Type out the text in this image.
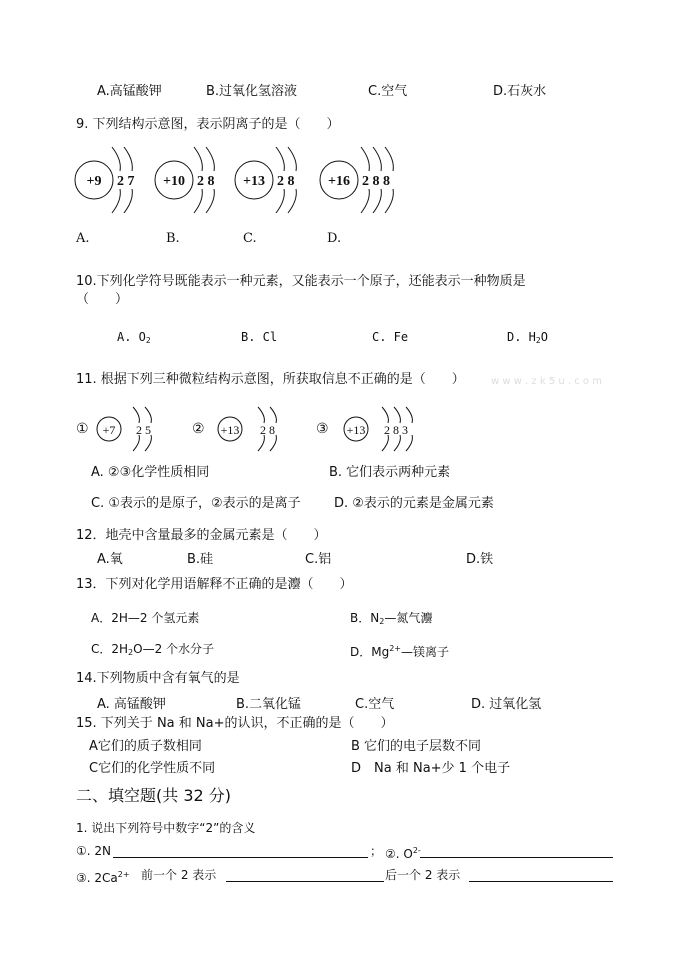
A.高锰酸钾	B.过氧化氢溶液	C.空气	D.石灰水
9. 下列结构示意图，表示阴离子的是（　　）
+9 2 7 +10 2 8 +13 2 8 +16 2 8 8
A.	B.	C.	D.
10.下列化学符号既能表示一种元素，又能表示一个原子，还能表示一种物质是
（　　）
A. $O_2$	B. Cl	C. Fe	D. $H_2O$
11. 根据下列三种微粒结构示意图，所获取信息不正确的是（　　）	w w w . z k 5 u . c o m
① +7 2 5	② +13 2 8	③ +13 2 8 3
A. ②③化学性质相同	B. 它们表示两种元素
C. ①表示的是原子，②表示的是离子	D. ②表示的元素是金属元素
12．地壳中含量最多的金属元素是（　　）
A.氧	B.硅	C.铝	D.铁
13．下列对化学用语解释不正确的是灋（　　）
A．2H—2 个氢元素	B．$N_2—$氮气灋
C．$2H_2O—2$ 个水分子	D．$Mg^{2+}—$镁离子
14.下列物质中含有氧气的是
A. 高锰酸钾	B.二氧化锰	C.空气	D. 过氧化氢
15. 下列关于 Na 和 Na+的认识，不正确的是（　　）
A它们的质子数相同	B 它们的电子层数不同
C它们的化学性质不同	D　Na 和 Na+少 1 个电子
二、填空题(共 32 分)
1. 说出下列符号中数字“2”的含义
①. 2N	； ②. $O^{2-}$
③. $2Ca^{2+}$ 前一个 2 表示	后一个 2 表示
